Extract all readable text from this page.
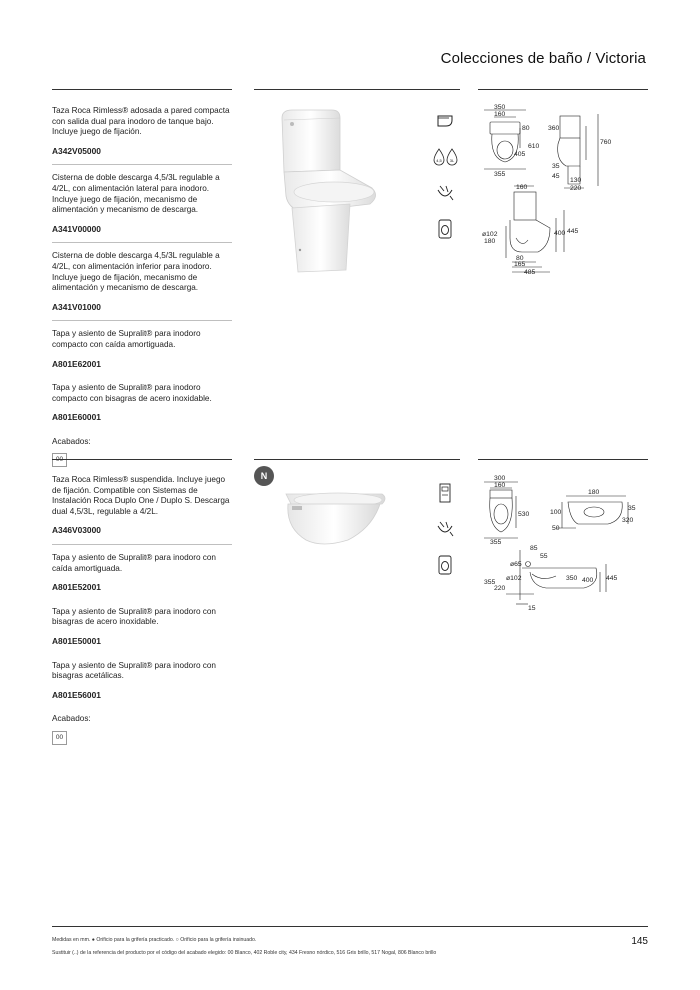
Colecciones de baño / Victoria
Taza Roca Rimless® adosada a pared compacta con salida dual para inodoro de tanque bajo. Incluye juego de fijación.
A342V05000
Cisterna de doble descarga 4,5/3L regulable a 4/2L, con alimentación lateral para inodoro. Incluye juego de fijación, mecanismo de alimentación y mecanismo de descarga.
A341V00000
Cisterna de doble descarga 4,5/3L regulable a 4/2L, con alimentación inferior para inodoro. Incluye juego de fijación, mecanismo de alimentación y mecanismo de descarga.
A341V01000
Tapa y asiento de Supralit® para inodoro compacto con caída amortiguada.
A801E62001
Tapa y asiento de Supralit® para inodoro compacto con bisagras de acero inoxidable.
A801E60001
Acabados:
4,5 3L
350
160
80
610
405
355
360
760
35
45
130
220
160
ø102
180
400 445
80
165
485
N
Taza Roca Rimless® suspendida. Incluye juego de fijación. Compatible con Sistemas de Instalación Roca Duplo One / Duplo S. Descarga dual 4,5/3L, regulable a 4/2L.
A346V03000
Tapa y asiento de Supralit® para inodoro con caída amortiguada.
A801E52001
Tapa y asiento de Supralit® para inodoro con bisagras de acero inoxidable.
A801E50001
Tapa y asiento de Supralit® para inodoro con bisagras acetálicas.
A801E56001
Acabados:
00
300
160
530
355
180
100
35
320
50
85
55
ø65
ø102
355
220
350 400 445
15
Medidas en mm. ● Orificio para la grifería practicado. ○ Orificio para la grifería insinuado.
Sustituir (..) de la referencia del producto por el código del acabado elegido: 00 Blanco, 402 Roble city, 434 Fresno nórdico, 516 Gris brillo, 517 Nogal, 806 Blanco brillo
145
